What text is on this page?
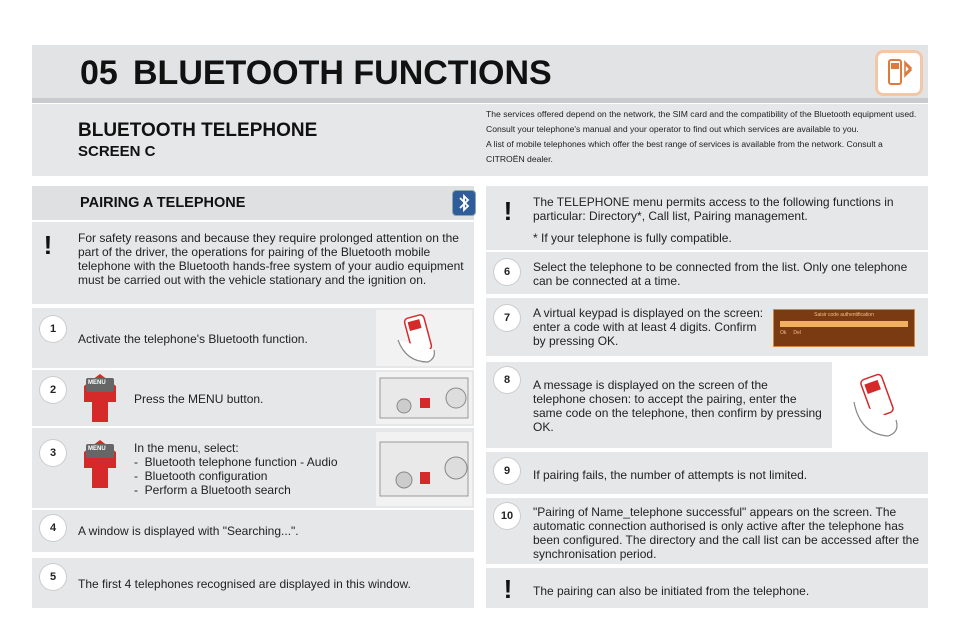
05 BLUETOOTH FUNCTIONS
BLUETOOTH TELEPHONE
SCREEN C
The services offered depend on the network, the SIM card and the compatibility of the Bluetooth equipment used.
Consult your telephone's manual and your operator to find out which services are available to you.
A list of mobile telephones which offer the best range of services is available from the network. Consult a CITROËN dealer.
PAIRING A TELEPHONE
!	For safety reasons and because they require prolonged attention on the part of the driver, the operations for pairing of the Bluetooth mobile telephone with the Bluetooth hands-free system of your audio equipment must be carried out with the vehicle stationary and the ignition on.
1
Activate the telephone's Bluetooth function.
2
MENU
Press the MENU button.
3	MENU In the menu, select:
-  Bluetooth telephone function - Audio
-  Bluetooth configuration
-  Perform a Bluetooth search
4	A window is displayed with "Searching...".
5	The first 4 telephones recognised are displayed in this window.
!	The TELEPHONE menu permits access to the following functions in particular: Directory*, Call list, Pairing management.
* If your telephone is fully compatible.
6	Select the telephone to be connected from the list. Only one telephone can be connected at a time.
7	A virtual keypad is displayed on the screen: enter a code with at least 4 digits. Confirm by pressing OK.
Saisir code authentification
Ok Del
8	A message is displayed on the screen of the telephone chosen: to accept the pairing, enter the same code on the telephone, then confirm by pressing OK.
9	If pairing fails, the number of attempts is not limited.
10	"Pairing of Name_telephone successful" appears on the screen. The automatic connection authorised is only active after the telephone has been configured. The directory and the call list can be accessed after the synchronisation period.
!	The pairing can also be initiated from the telephone.
